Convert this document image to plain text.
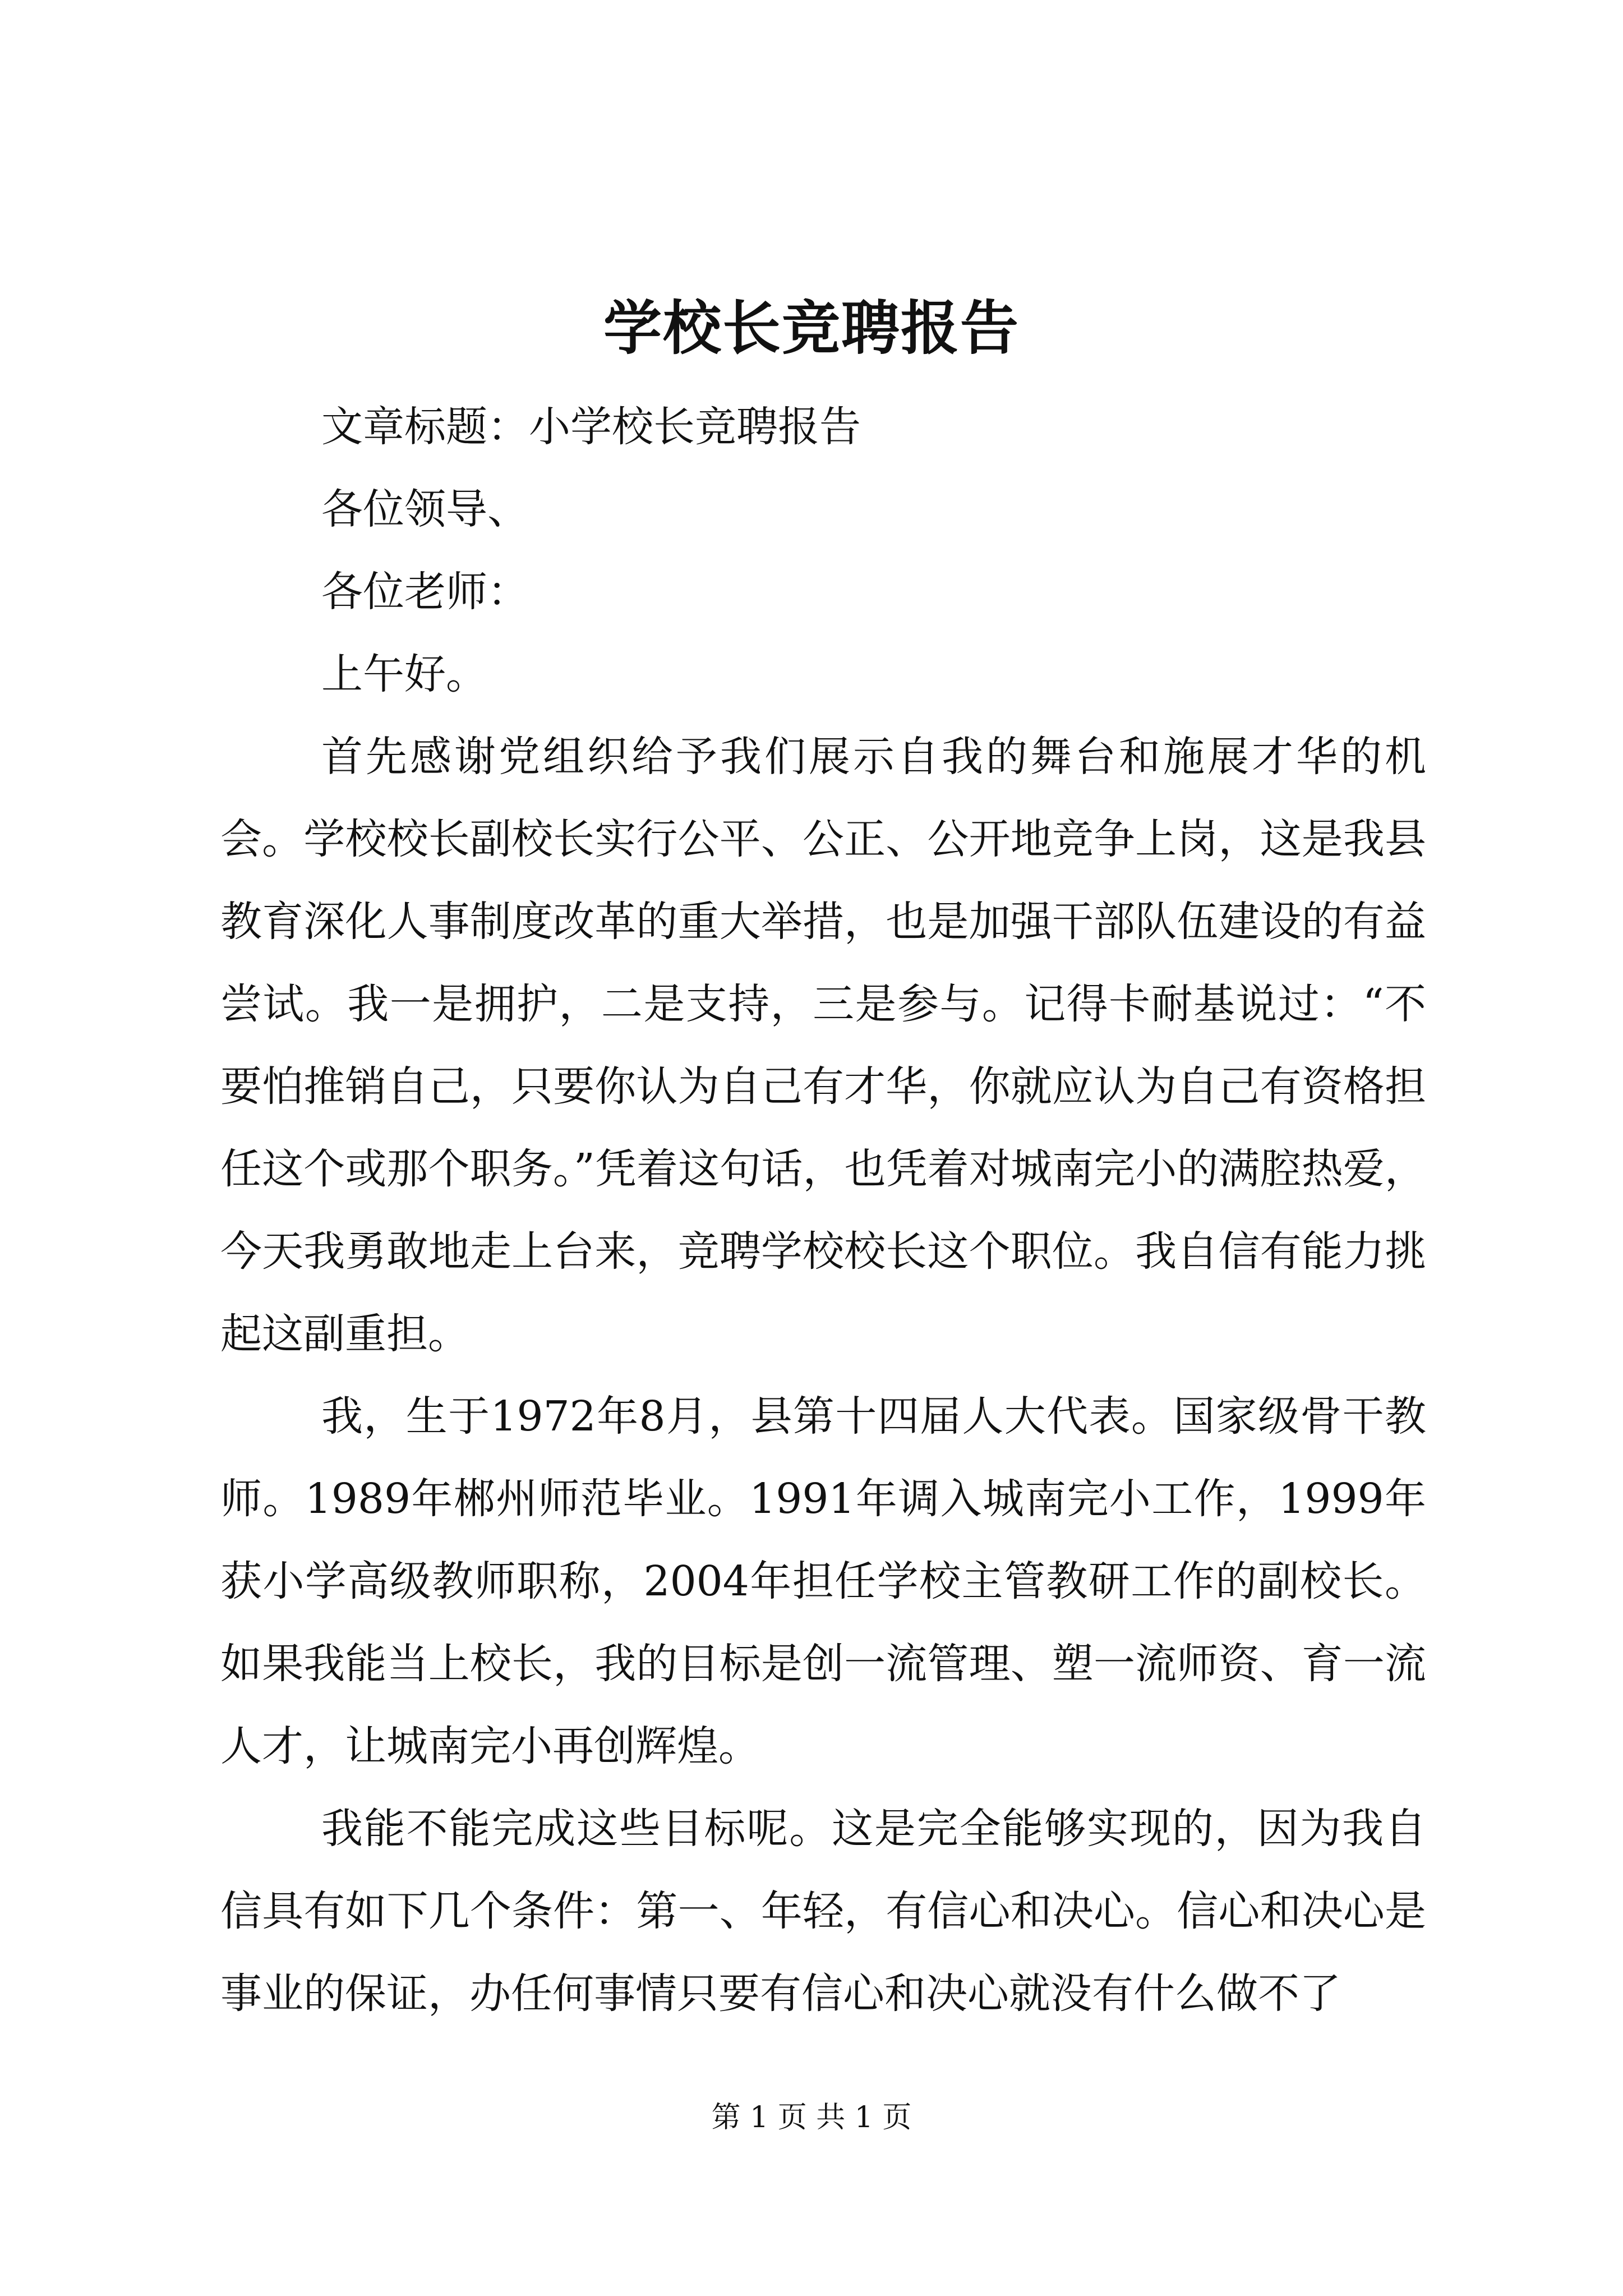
学校长竞聘报告

文章标题：小学校长竞聘报告

各位领导、

各位老师：

上午好。

首先感谢党组织给予我们展示自我的舞台和施展才华的机会。学校校长副校长实行公平、公正、公开地竞争上岗，这是我县教育深化人事制度改革的重大举措，也是加强干部队伍建设的有益尝试。我一是拥护，二是支持，三是参与。记得卡耐基说过：“不要怕推销自己，只要你认为自己有才华，你就应认为自己有资格担任这个或那个职务。”凭着这句话，也凭着对城南完小的满腔热爱，今天我勇敢地走上台来，竞聘学校校长这个职位。我自信有能力挑起这副重担。

我，生于1972年8月，县第十四届人大代表。国家级骨干教师。1989年郴州师范毕业。1991年调入城南完小工作，1999年获小学高级教师职称，2004年担任学校主管教研工作的副校长。如果我能当上校长，我的目标是创一流管理、塑一流师资、育一流人才，让城南完小再创辉煌。

我能不能完成这些目标呢。这是完全能够实现的，因为我自信具有如下几个条件：第一、年轻，有信心和决心。信心和决心是事业的保证，办任何事情只要有信心和决心就没有什么做不了

第 1 页 共 1 页
